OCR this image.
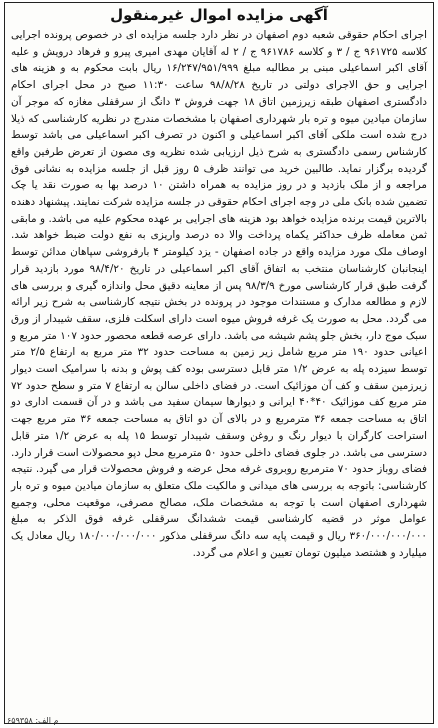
آگهی مزایده اموال غیرمنقول

اجرای احکام حقوقی شعبه دوم اصفهان در نظر دارد جلسه مزایده ای در خصوص پرونده اجرایی کلاسه ۹۶۱۷۲۵ ج / ۳ و کلاسه ۹۶۱۷۸۶ ج / ۲ له آقایان مهدی امیری پیرو و فرهاد درویش و علیه آقای اکبر اسماعیلی مبنی بر مطالبه مبلغ ۱۶/۲۴۷/۹۵۱/۹۹۹ ریال بابت محکوم به و هزینه های اجرایی و حق الاجرای دولتی در تاریخ ۹۸/۸/۲۸ ساعت ۱۱:۳۰ صبح در محل اجرای احکام دادگستری اصفهان طبقه زیرزمین اتاق ۱۸ جهت فروش ۳ دانگ از سرقفلی مغازه که موجر آن سازمان میادین میوه و تره بار شهرداری اصفهان با مشخصات مندرج در نظریه کارشناسی که ذیلا درج شده است ملکی آقای اکبر اسماعیلی و اکنون در تصرف اکبر اسماعیلی می باشد توسط کارشناس رسمی دادگستری به شرح ذیل ارزیابی شده نظریه وی مصون از تعرض طرفین واقع گردیده برگزار نماید. طالبین خرید می توانند ظرف ۵ روز قبل از جلسه مزایده به نشانی فوق مراجعه و از ملک بازدید و در روز مزایده به همراه داشتن ۱۰ درصد بها به صورت نقد یا چک تضمین شده بانک ملی در وجه اجرای احکام حقوقی در جلسه مزایده شرکت نمایند. پیشنهاد دهنده بالاترین قیمت برنده مزایده خواهد بود هزینه های اجرایی بر عهده محکوم علیه می باشد. و مابقی ثمن معامله ظرف حداکثر یکماه پرداخت والا ده درصد واریزی به نفع دولت ضبط خواهد شد. اوصاف ملک مورد مزایده واقع در جاده اصفهان - یزد کیلومتر ۴ بارفروشی سپاهان مدائن توسط اینجانبان کارشناسان منتخب به اتفاق آقای اکبر اسماعیلی در تاریخ ۹۸/۴/۲۰ مورد بازدید قرار گرفت طبق قرار کارشناسی مورخ ۹۸/۳/۹ پس از معاینه دقیق محل واندازه گیری و بررسی های لازم و مطالعه مدارک و مستندات موجود در پرونده در بخش نتیجه کارشناسی به شرح زیر ارائه می گردد. محل به صورت یک غرفه فروش میوه است دارای اسکلت فلزی، سقف شیبدار از ورق سبک موج دار، بخش جلو پشم شیشه می باشد. دارای عرصه قطعه محصور حدود ۱۰۷ متر مربع و اعیانی حدود ۱۹۰ متر مربع شامل زیر زمین به مساحت حدود ۳۲ متر مربع به ارتفاع ۲/۵ متر توسط سیزده پله به عرض ۱/۲ متر قابل دسترسی بوده کف پوش و بدنه با سرامیک است دیوار زیرزمین سقف و کف آن موزائیک است. در فضای داخلی سالن به ارتفاع ۷ متر و سطح حدود ۷۲ متر مربع کف موزائیک ۴۰*۴۰ ایرانی و دیوارها سیمان سفید می باشد و در آن قسمت اداری دو اتاق به مساحت جمعه ۳۶ مترمربع و در بالای آن دو اتاق به مساحت جمعه ۳۶ متر مربع جهت استراحت کارگران با دیوار رنگ و روغن وسقف شیبدار توسط ۱۵ پله به عرض ۱/۲ متر قابل دسترسی می باشد. در جلوی فضای داخلی حدود ۵۰ مترمربع محل دپو محصولات است قرار دارد. فضای روباز حدود ۷۰ مترمربع روبروی غرفه محل عرضه و فروش محصولات قرار می گیرد. نتیجه کارشناسی: باتوجه به بررسی های میدانی و مالکیت ملک متعلق به سازمان میادین میوه و تره بار شهرداری اصفهان است با توجه به مشخصات ملک، مصالح مصرفی، موقعیت محلی، وجمیع عوامل موثر در قضیه کارشناسی قیمت ششدانگ سرقفلی غرفه فوق الذکر به مبلغ ۳۶۰/۰۰۰/۰۰۰/۰۰۰ ریال و قیمت پایه سه دانگ سرقفلی مذکور ۱۸۰/۰۰۰/۰۰۰/۰۰۰ ریال معادل یک میلیارد و هشتصد میلیون تومان تعیین و اعلام می گردد.

م الف: ۶۵۹۳۵۸
